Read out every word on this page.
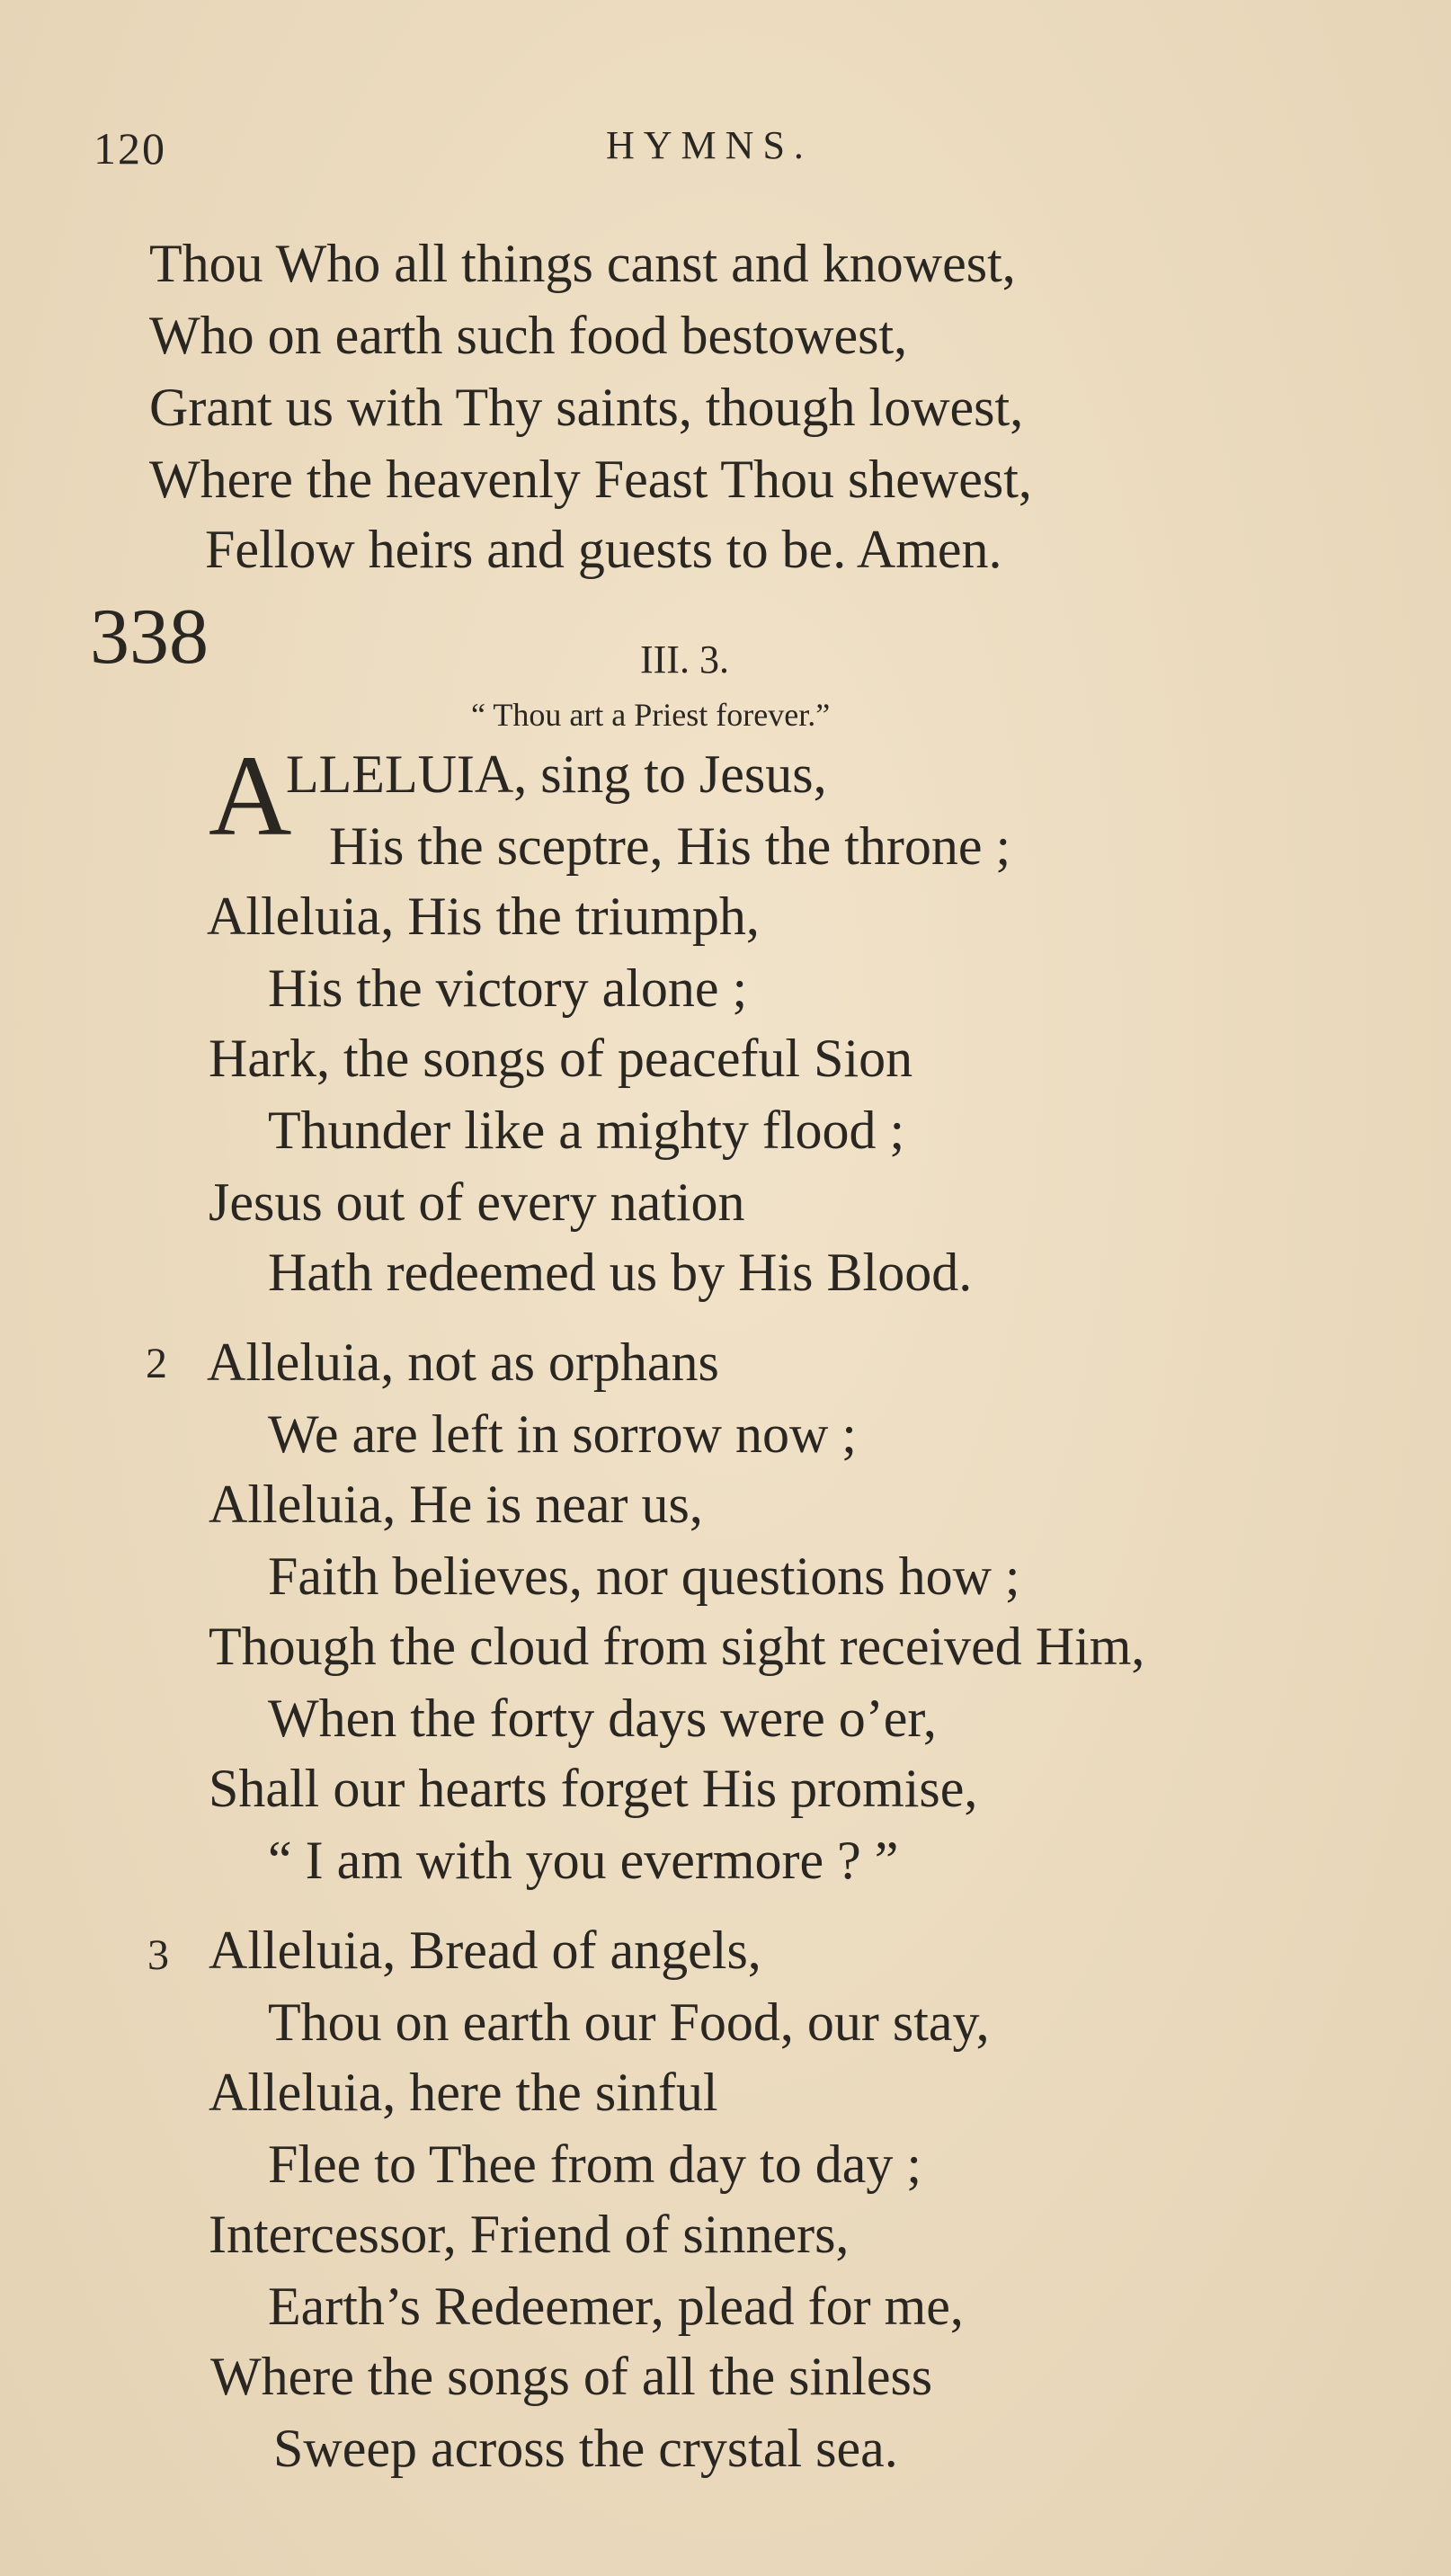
120	HYMNS.
Thou Who all things canst and knowest,
Who on earth such food bestowest,
Grant us with Thy saints, though lowest,
Where the heavenly Feast Thou shewest,
Fellow heirs and guests to be. Amen.
338	III. 3.
“ Thou art a Priest forever.”
A
LLELUIA, sing to Jesus,
His the sceptre, His the throne ;
Alleluia, His the triumph,
His the victory alone ;
Hark, the songs of peaceful Sion
Thunder like a mighty flood ;
Jesus out of every nation
Hath redeemed us by His Blood.
2 Alleluia, not as orphans
We are left in sorrow now ;
Alleluia, He is near us,
Faith believes, nor questions how ;
Though the cloud from sight received Him,
When the forty days were o’er,
Shall our hearts forget His promise,
“ I am with you evermore ? ”
3 Alleluia, Bread of angels,
Thou on earth our Food, our stay,
Alleluia, here the sinful
Flee to Thee from day to day ;
Intercessor, Friend of sinners,
Earth’s Redeemer, plead for me,
Where the songs of all the sinless
Sweep across the crystal sea.
